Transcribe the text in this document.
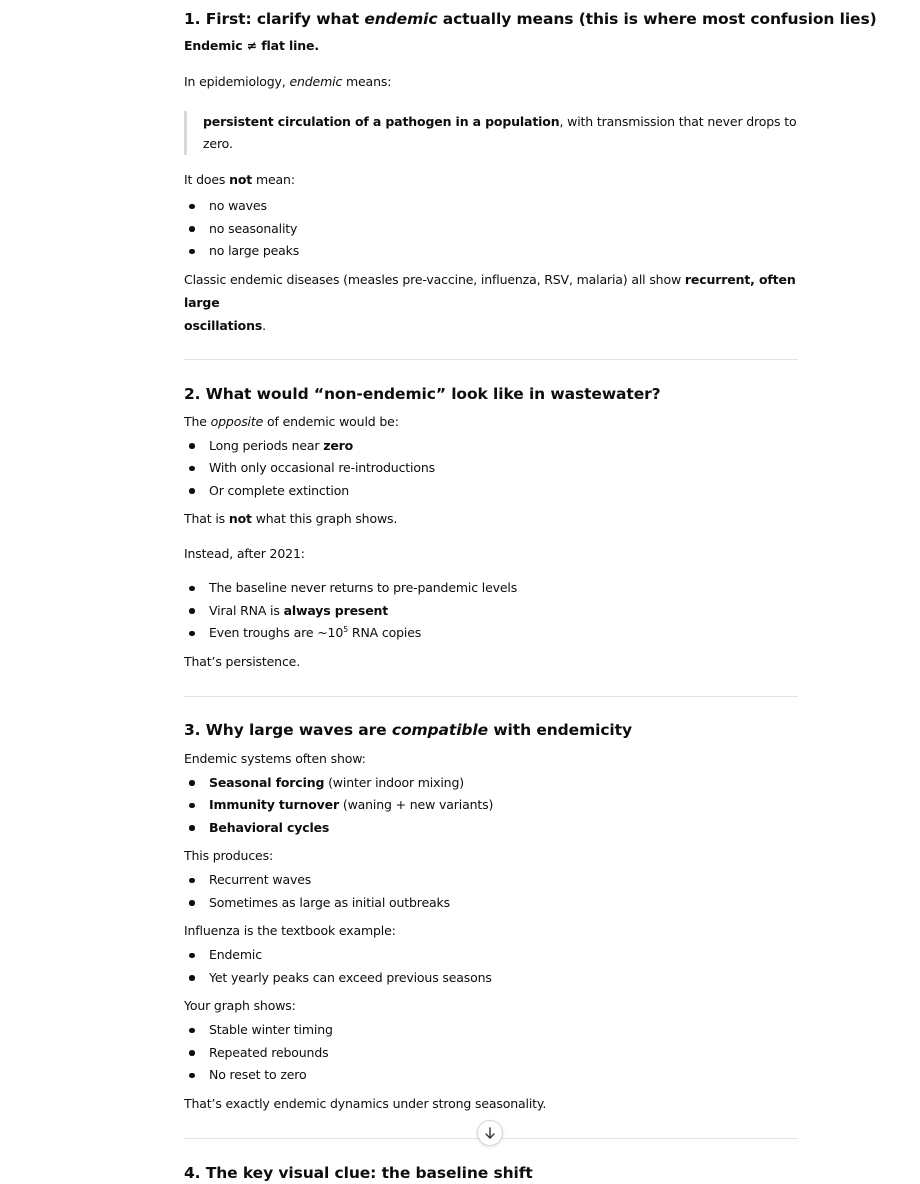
1. First: clarify what endemic actually means (this is where most confusion lies)

Endemic ≠ flat line.

In epidemiology, endemic means:

persistent circulation of a pathogen in a population, with transmission that never drops to zero.

It does not mean:

no waves
no seasonality
no large peaks

Classic endemic diseases (measles pre-vaccine, influenza, RSV, malaria) all show recurrent, often large
oscillations.

2. What would “non-endemic” look like in wastewater?

The opposite of endemic would be:

Long periods near zero
With only occasional re-introductions
Or complete extinction

That is not what this graph shows.

Instead, after 2021:

The baseline never returns to pre-pandemic levels
Viral RNA is always present
Even troughs are $\sim 10^5$ RNA copies

That’s persistence.

3. Why large waves are compatible with endemicity

Endemic systems often show:

Seasonal forcing (winter indoor mixing)
Immunity turnover (waning + new variants)
Behavioral cycles

This produces:

Recurrent waves
Sometimes as large as initial outbreaks

Influenza is the textbook example:

Endemic
Yet yearly peaks can exceed previous seasons

Your graph shows:

Stable winter timing
Repeated rebounds
No reset to zero

That’s exactly endemic dynamics under strong seasonality.

4. The key visual clue: the baseline shift
